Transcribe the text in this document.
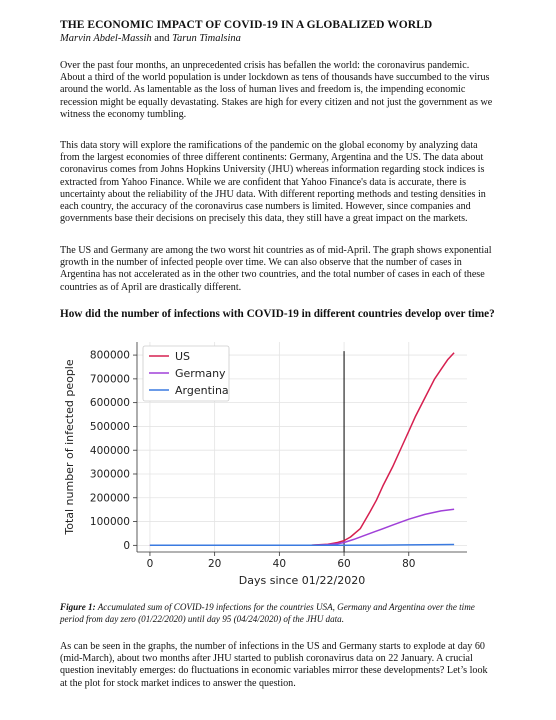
THE ECONOMIC IMPACT OF COVID-19 IN A GLOBALIZED WORLD
Marvin Abdel-Massih and Tarun Timalsina
Over the past four months, an unprecedented crisis has befallen the world: the coronavirus pandemic. About a third of the world population is under lockdown as tens of thousands have succumbed to the virus around the world. As lamentable as the loss of human lives and freedom is, the impending economic recession might be equally devastating. Stakes are high for every citizen and not just the government as we witness the economy tumbling.
This data story will explore the ramifications of the pandemic on the global economy by analyzing data from the largest economies of three different continents: Germany, Argentina and the US. The data about coronavirus comes from Johns Hopkins University (JHU) whereas information regarding stock indices is extracted from Yahoo Finance. While we are confident that Yahoo Finance's data is accurate, there is uncertainty about the reliability of the JHU data. With different reporting methods and testing densities in each country, the accuracy of the coronavirus case numbers is limited. However, since companies and governments base their decisions on precisely this data, they still have a great impact on the markets.
The US and Germany are among the two worst hit countries as of mid-April. The graph shows exponential growth in the number of infected people over time. We can also observe that the number of cases in Argentina has not accelerated as in the other two countries, and the total number of cases in each of these countries as of April are drastically different.
How did the number of infections with COVID-19 in different countries develop over time?
0
100000
200000
300000
400000
500000
600000
700000
800000
0	20	40	60	80
US
Germany
Argentina
Total number of infected people
Days since 01/22/2020
Figure 1: Accumulated sum of COVID-19 infections for the countries USA, Germany and Argentina over the time period from day zero (01/22/2020) until day 95 (04/24/2020) of the JHU data.
As can be seen in the graphs, the number of infections in the US and Germany starts to explode at day 60 (mid-March), about two months after JHU started to publish coronavirus data on 22 January. A crucial question inevitably emerges: do fluctuations in economic variables mirror these developments? Let’s look at the plot for stock market indices to answer the question.
